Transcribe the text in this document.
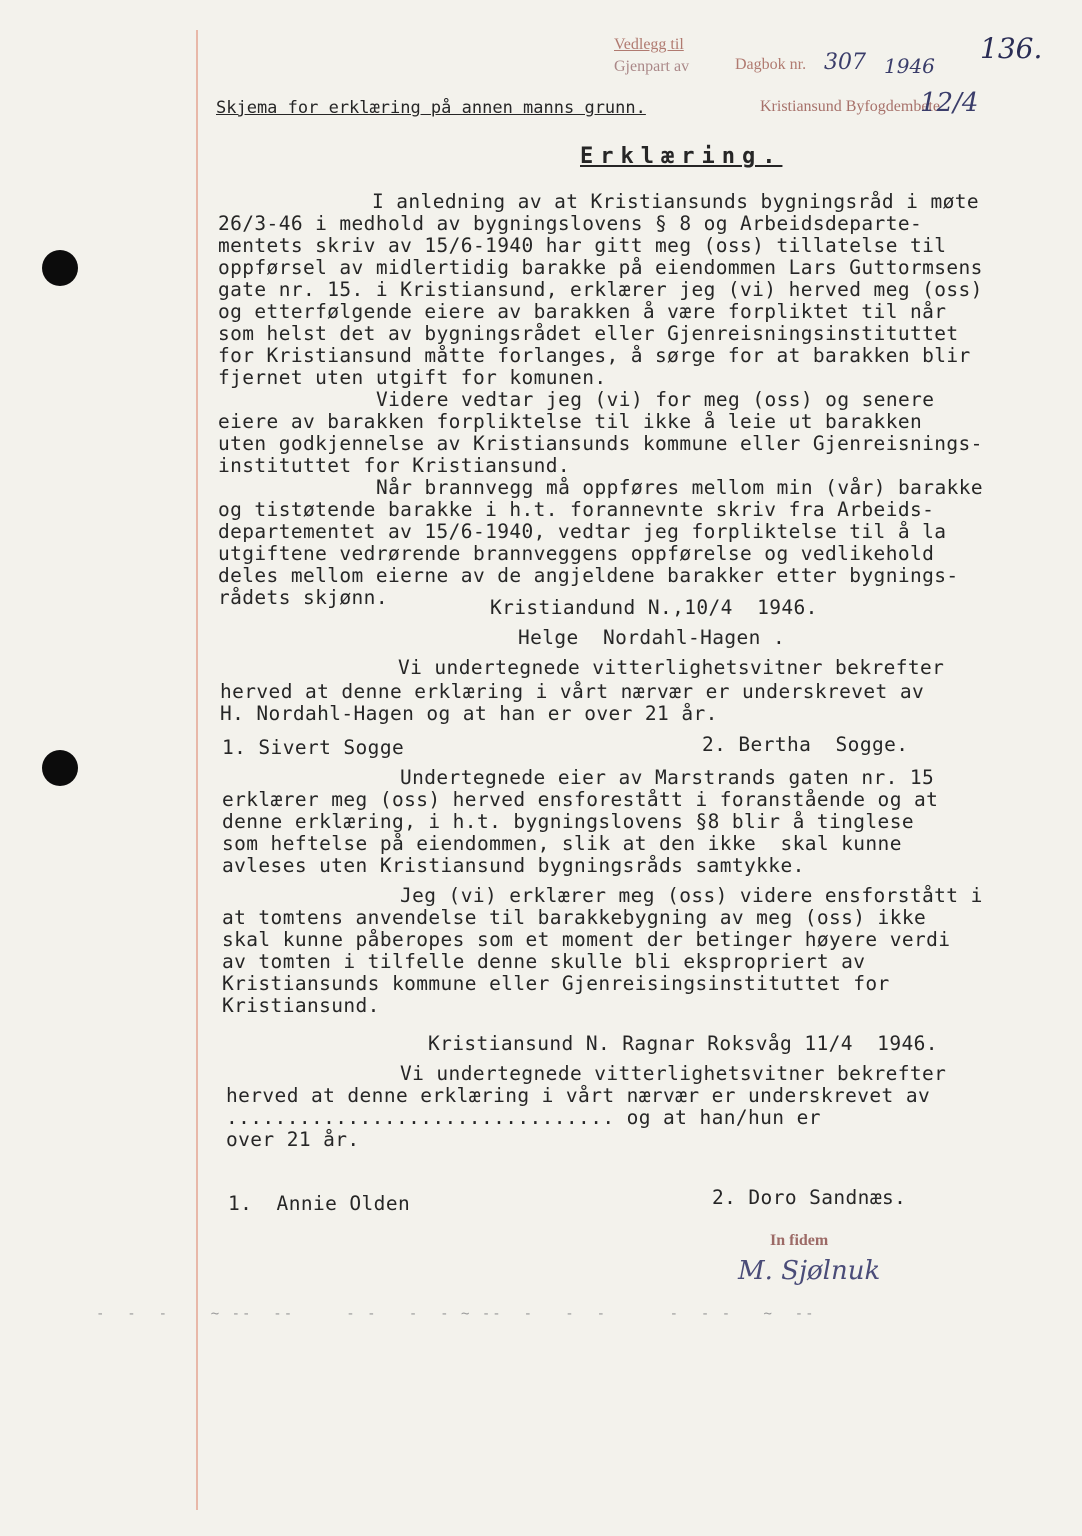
Vedlegg til
Gjenpart av	Dagbok nr. 307 1946
136.
Skjema for erklæring på annen manns grunn.	Kristiansund Byfogdembete
12/4
Erklæring.
I anledning av at Kristiansunds bygningsråd i møte
26/3-46 i medhold av bygningslovens § 8 og Arbeidsdeparte-
mentets skriv av 15/6-1940 har gitt meg (oss) tillatelse til
oppførsel av midlertidig barakke på eiendommen Lars Guttormsens
gate nr. 15. i Kristiansund, erklærer jeg (vi) herved meg (oss)
og etterfølgende eiere av barakken å være forpliktet til når
som helst det av bygningsrådet eller Gjenreisningsinstituttet
for Kristiansund måtte forlanges, å sørge for at barakken blir
fjernet uten utgift for komunen.
Videre vedtar jeg (vi) for meg (oss) og senere
eiere av barakken forpliktelse til ikke å leie ut barakken
uten godkjennelse av Kristiansunds kommune eller Gjenreisnings-
instituttet for Kristiansund.
Når brannvegg må oppføres mellom min (vår) barakke
og tistøtende barakke i h.t. forannevnte skriv fra Arbeids-
departementet av 15/6-1940, vedtar jeg forpliktelse til å la
utgiftene vedrørende brannveggens oppførelse og vedlikehold
deles mellom eierne av de angjeldene barakker etter bygnings-
rådets skjønn.	Kristiandund N.,10/4  1946.
Helge  Nordahl-Hagen .
Vi undertegnede vitterlighetsvitner bekrefter
herved at denne erklæring i vårt nærvær er underskrevet av
H. Nordahl-Hagen og at han er over 21 år.
1. Sivert Sogge	2. Bertha  Sogge.
Undertegnede eier av Marstrands gaten nr. 15
erklærer meg (oss) herved ensforestått i foranstående og at
denne erklæring, i h.t. bygningslovens §8 blir å tinglese
som heftelse på eiendommen, slik at den ikke  skal kunne
avleses uten Kristiansund bygningsråds samtykke.
Jeg (vi) erklærer meg (oss) videre ensforstått i
at tomtens anvendelse til barakkebygning av meg (oss) ikke
skal kunne påberopes som et moment der betinger høyere verdi
av tomten i tilfelle denne skulle bli ekspropriert av
Kristiansunds kommune eller Gjenreisingsinstituttet for
Kristiansund.
Kristiansund N. Ragnar Roksvåg 11/4  1946.
Vi undertegnede vitterlighetsvitner bekrefter
herved at denne erklæring i vårt nærvær er underskrevet av
................................ og at han/hun er
over 21 år.
1.  Annie Olden	2. Doro Sandnæs.
In fidem
M. Sjølnuk
-  -  -    ~ --  --     - -   -  - ~ --  -   -  -      -  - -   ~  --
